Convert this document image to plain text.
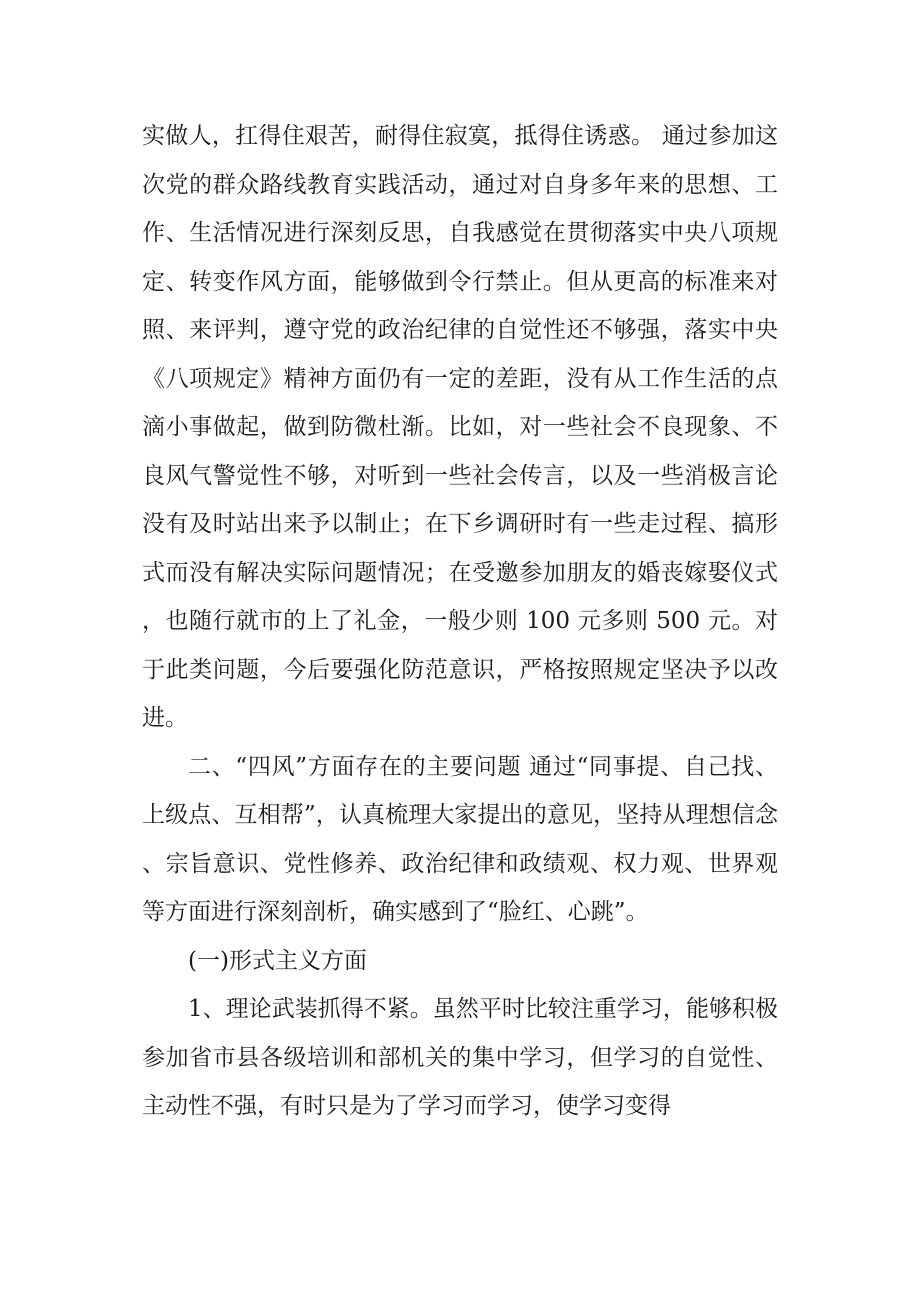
实做人，扛得住艰苦，耐得住寂寞，抵得住诱惑。 通过参加这次党的群众路线教育实践活动，通过对自身多年来的思想、工作、生活情况进行深刻反思，自我感觉在贯彻落实中央八项规定、转变作风方面，能够做到令行禁止。但从更高的标准来对照、来评判，遵守党的政治纪律的自觉性还不够强，落实中央《八项规定》精神方面仍有一定的差距，没有从工作生活的点滴小事做起，做到防微杜渐。比如，对一些社会不良现象、不良风气警觉性不够，对听到一些社会传言，以及一些消极言论没有及时站出来予以制止；在下乡调研时有一些走过程、搞形式而没有解决实际问题情况；在受邀参加朋友的婚丧嫁娶仪式，也随行就市的上了礼金，一般少则 100 元多则 500 元。对于此类问题，今后要强化防范意识，严格按照规定坚决予以改进。

二、“四风”方面存在的主要问题 通过“同事提、自己找、上级点、互相帮”，认真梳理大家提出的意见，坚持从理想信念、宗旨意识、党性修养、政治纪律和政绩观、权力观、世界观等方面进行深刻剖析，确实感到了“脸红、心跳”。

(一)形式主义方面

1、理论武装抓得不紧。虽然平时比较注重学习，能够积极参加省市县各级培训和部机关的集中学习，但学习的自觉性、主动性不强，有时只是为了学习而学习，使学习变得
